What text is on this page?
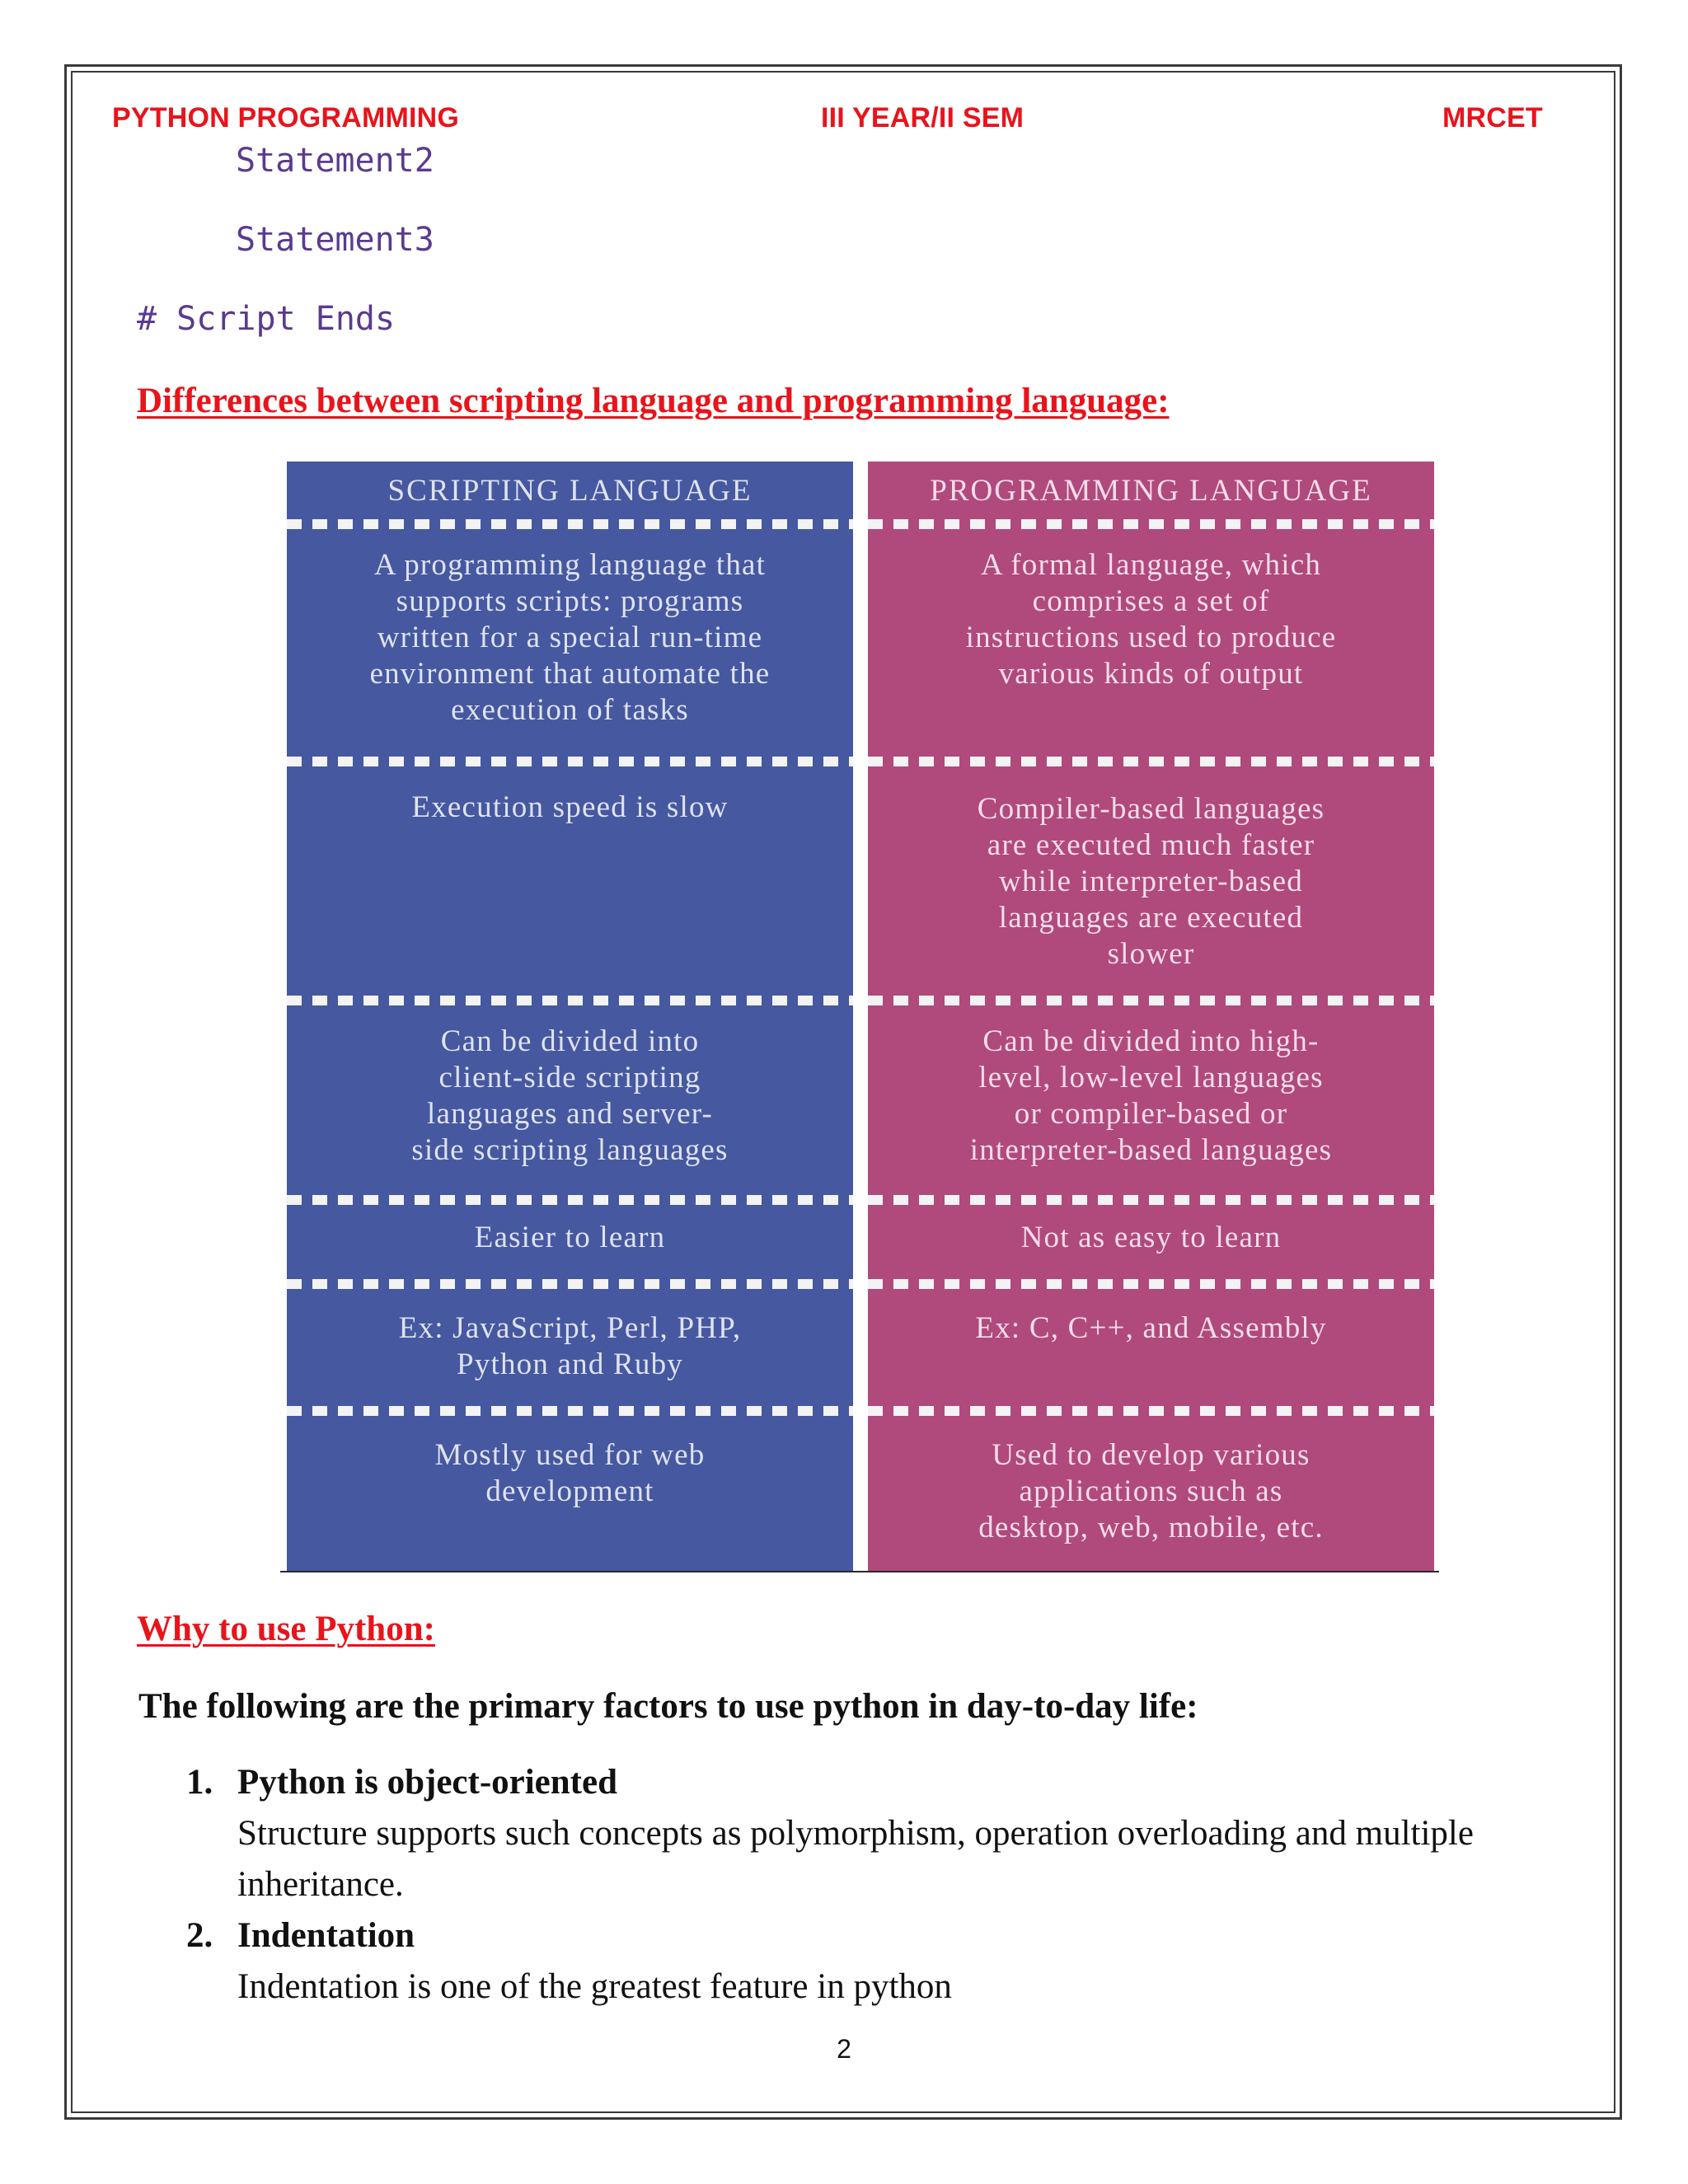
PYTHON PROGRAMMING	III YEAR/II SEM	MRCET
Statement2
Statement3
# Script Ends
Differences between scripting language and programming language:
SCRIPTING LANGUAGE
A programming language that
supports scripts: programs
written for a special run-time
environment that automate the
execution of tasks
Execution speed is slow
Can be divided into
client-side scripting
languages and server-
side scripting languages
Easier to learn
Ex: JavaScript, Perl, PHP,
Python and Ruby
Mostly used for web
development
PROGRAMMING LANGUAGE
A formal language, which
comprises a set of
instructions used to produce
various kinds of output
Compiler-based languages
are executed much faster
while interpreter-based
languages are executed
slower
Can be divided into high-
level, low-level languages
or compiler-based or
interpreter-based languages
Not as easy to learn
Ex: C, C++, and Assembly
Used to develop various
applications such as
desktop, web, mobile, etc.
Why to use Python:
The following are the primary factors to use python in day-to-day life:
1. Python is object-oriented
Structure supports such concepts as polymorphism, operation overloading and multiple inheritance.
2. Indentation
Indentation is one of the greatest feature in python
2
